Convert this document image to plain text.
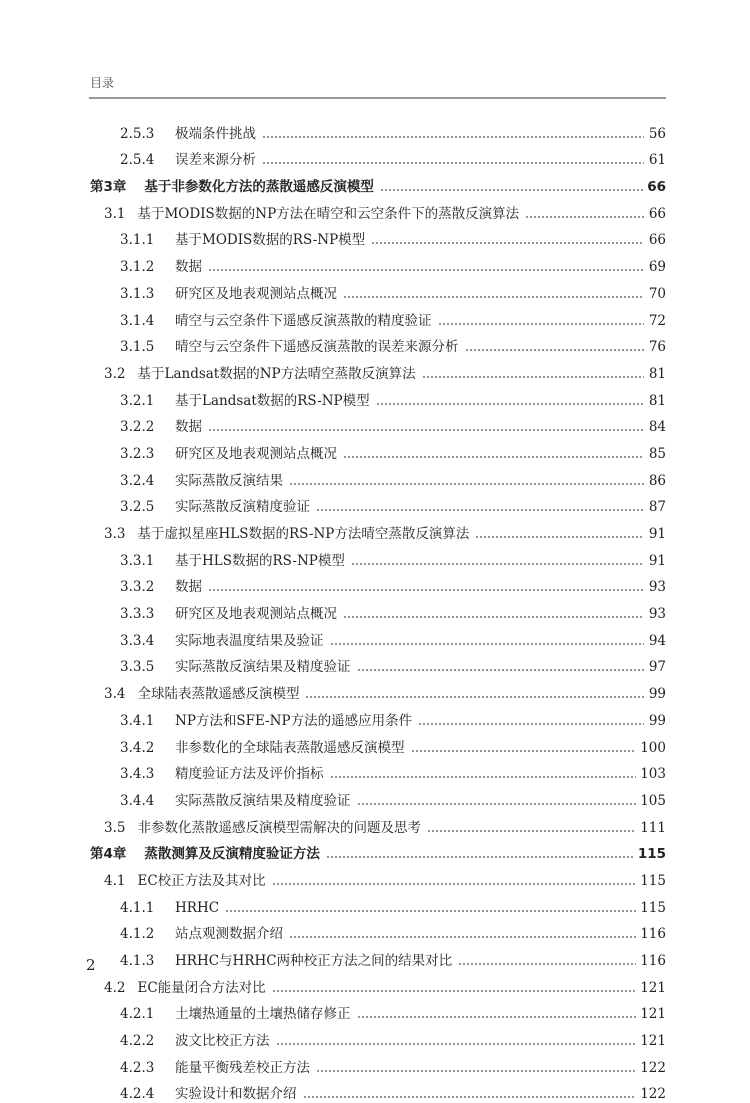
目录
2.5.3	极端条件挑战	56
2.5.4	误差来源分析	61
第3章	基于非参数化方法的蒸散遥感反演模型	66
3.1 基于MODIS数据的NP方法在晴空和云空条件下的蒸散反演算法	66
3.1.1	基于MODIS数据的RS-NP模型	66
3.1.2	数据	69
3.1.3	研究区及地表观测站点概况	70
3.1.4	晴空与云空条件下遥感反演蒸散的精度验证	72
3.1.5	晴空与云空条件下遥感反演蒸散的误差来源分析	76
3.2 基于Landsat数据的NP方法晴空蒸散反演算法	81
3.2.1	基于Landsat数据的RS-NP模型	81
3.2.2	数据	84
3.2.3	研究区及地表观测站点概况	85
3.2.4	实际蒸散反演结果	86
3.2.5	实际蒸散反演精度验证	87
3.3 基于虚拟星座HLS数据的RS-NP方法晴空蒸散反演算法	91
3.3.1	基于HLS数据的RS-NP模型	91
3.3.2	数据	93
3.3.3	研究区及地表观测站点概况	93
3.3.4	实际地表温度结果及验证	94
3.3.5	实际蒸散反演结果及精度验证	97
3.4 全球陆表蒸散遥感反演模型	99
3.4.1	NP方法和SFE-NP方法的遥感应用条件	99
3.4.2	非参数化的全球陆表蒸散遥感反演模型	100
3.4.3	精度验证方法及评价指标	103
3.4.4	实际蒸散反演结果及精度验证	105
3.5 非参数化蒸散遥感反演模型需解决的问题及思考	111
第4章	蒸散测算及反演精度验证方法	115
4.1 EC校正方法及其对比	115
4.1.1	HRHC	115
4.1.2	站点观测数据介绍	116
4.1.3	HRHC与HRHC两种校正方法之间的结果对比	116
4.2 EC能量闭合方法对比	121
4.2.1	土壤热通量的土壤热储存修正	121
4.2.2	波文比校正方法	121
4.2.3	能量平衡残差校正方法	122
4.2.4	实验设计和数据介绍	122
2
